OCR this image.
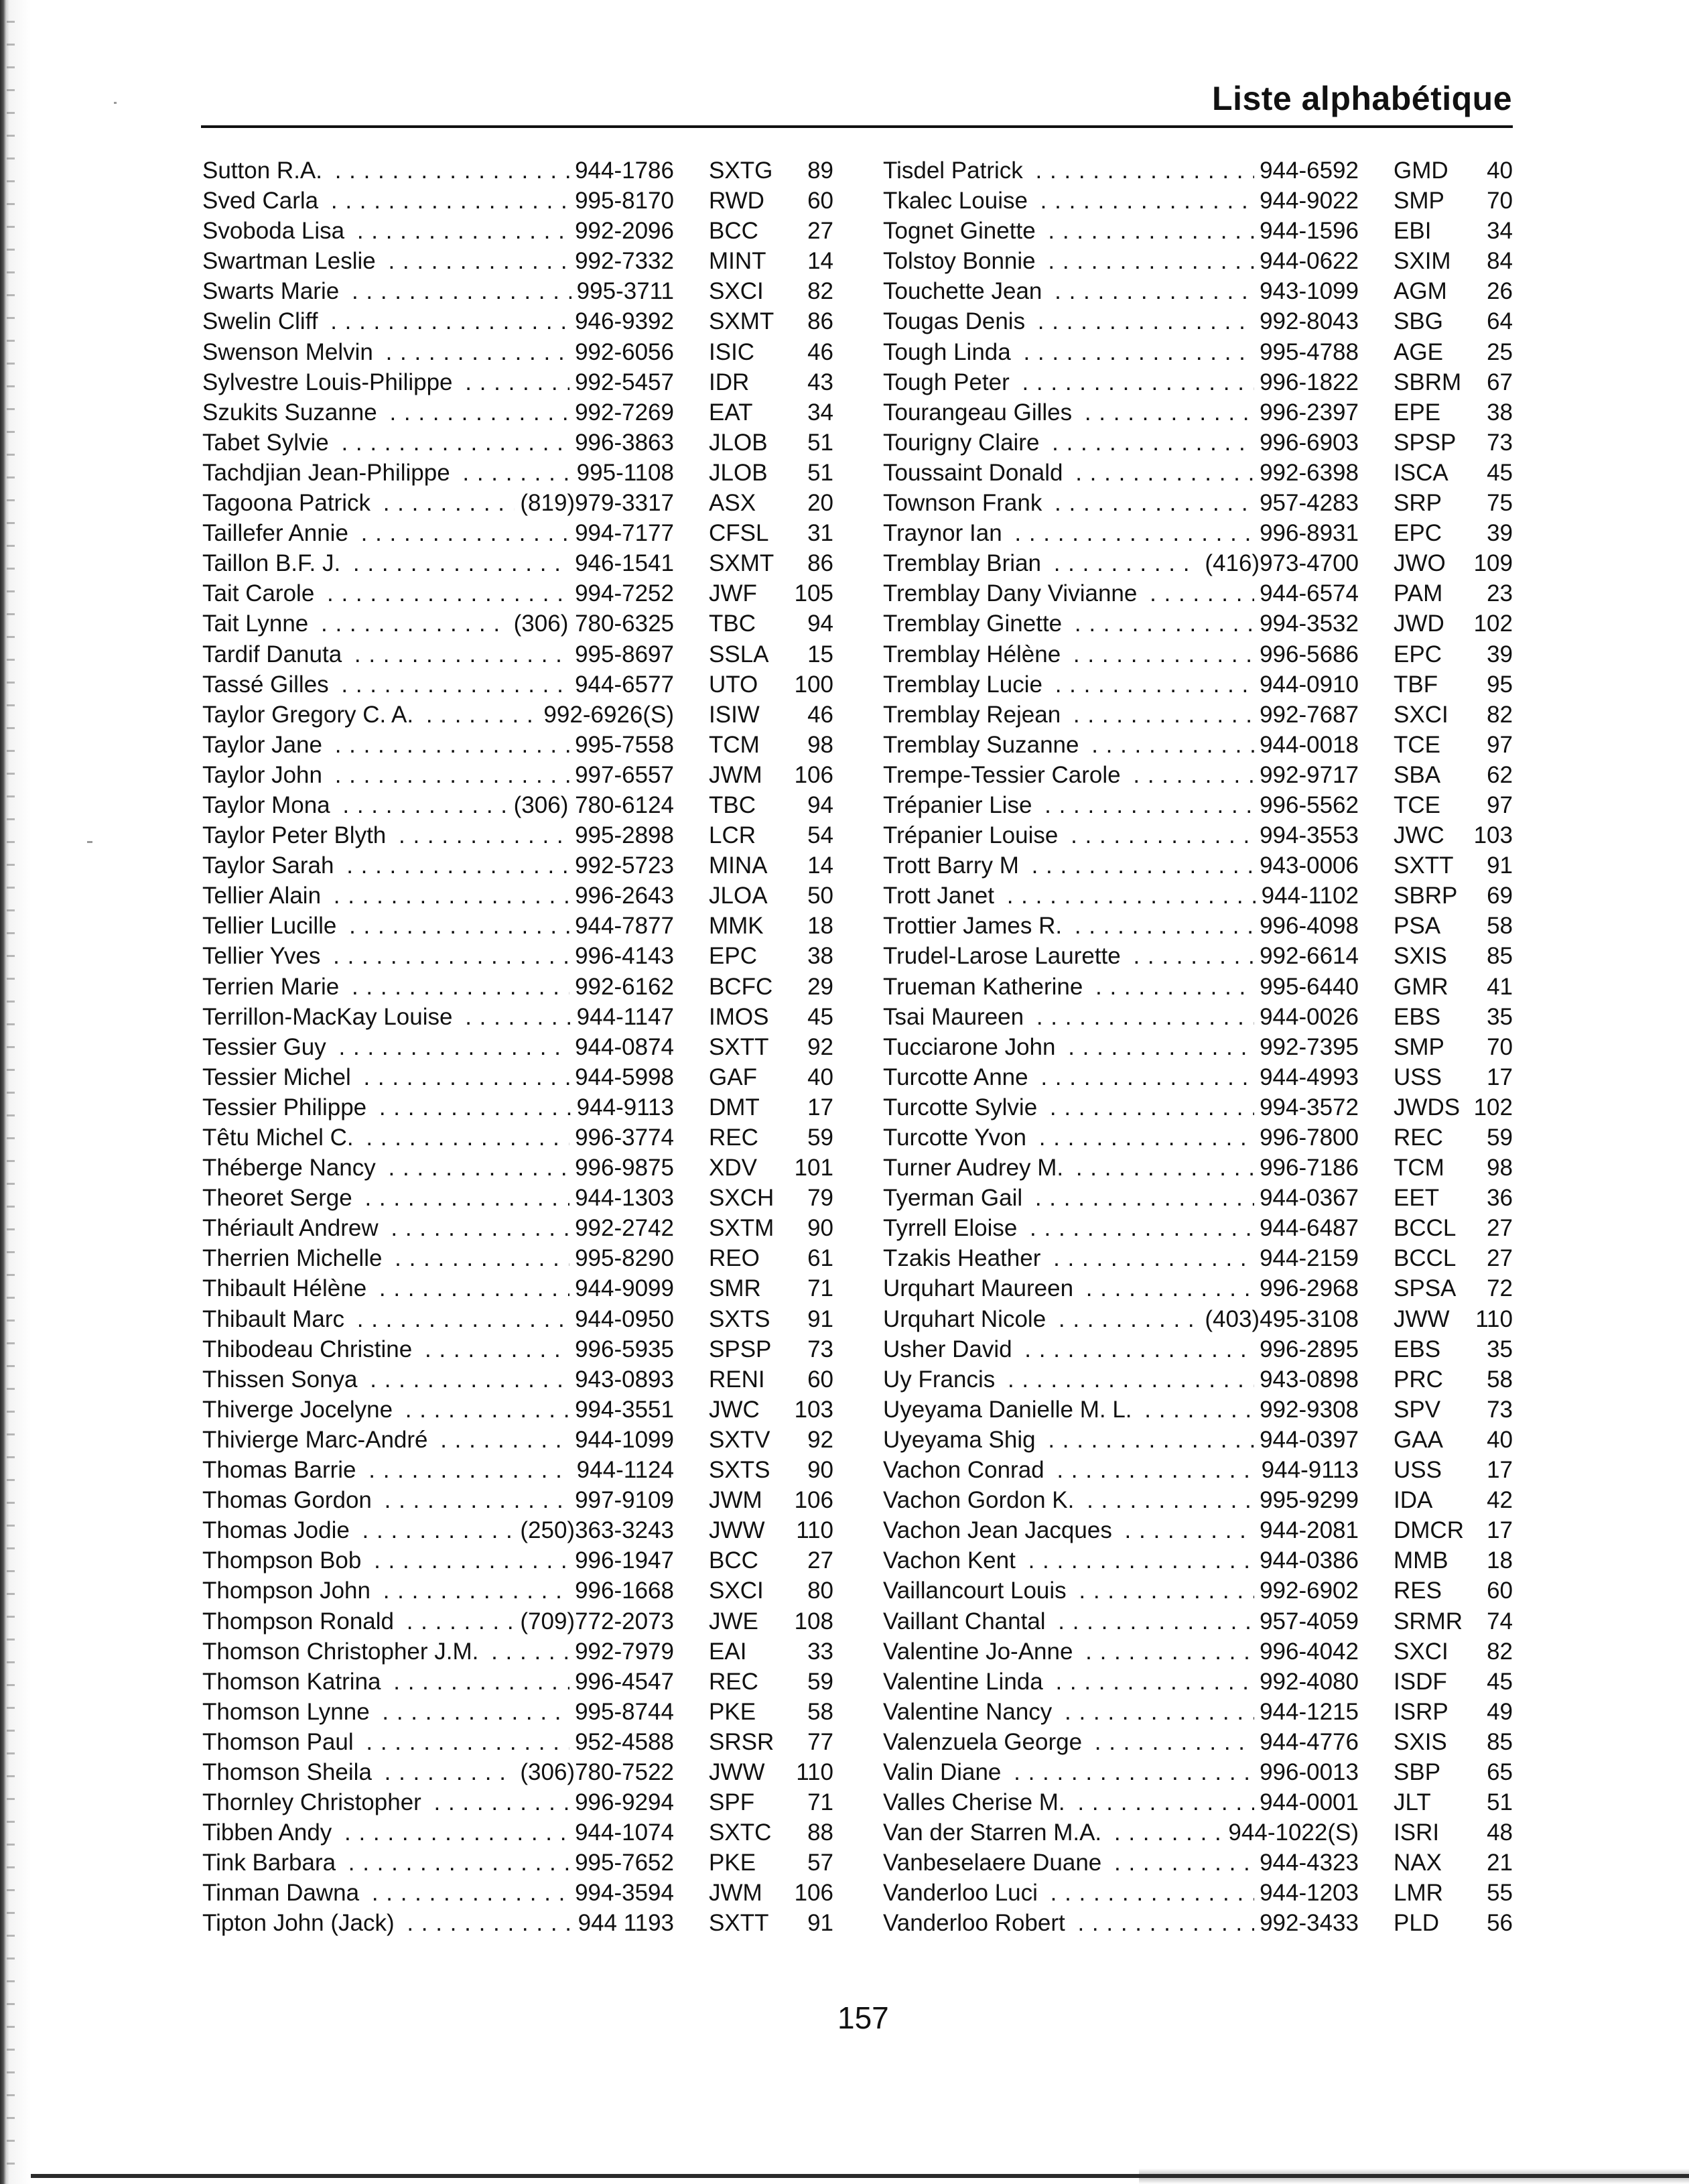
Liste alphabétique
Sutton R.A. . . .	944-1786 SXTG	89
Sved Carla . . .	995-8170 RWD	60
Svoboda Lisa . . .	992-2096 BCC	27
Swartman Leslie . . .	992-7332 MINT	14
Swarts Marie . . .	995-3711 SXCI	82
Swelin Cliff . . .	946-9392 SXMT	86
Swenson Melvin . . .	992-6056 ISIC	46
Sylvestre Louis-Philippe . . .	992-5457 IDR	43
Szukits Suzanne . . .	992-7269 EAT	34
Tabet Sylvie . . .	996-3863 JLOB	51
Tachdjian Jean-Philippe . . .	995-1108 JLOB	51
Tagoona Patrick . . .	(819)979-3317 ASX	20
Taillefer Annie . . .	994-7177 CFSL	31
Taillon B.F. J. . . .	946-1541 SXMT	86
Tait Carole . . .	994-7252 JWF	105
Tait Lynne . . .	(306) 780-6325 TBC	94
Tardif Danuta . . .	995-8697 SSLA	15
Tassé Gilles . . .	944-6577 UTO	100
Taylor Gregory C. A. . . .	992-6926(S) ISIW	46
Taylor Jane . . .	995-7558 TCM	98
Taylor John . . .	997-6557 JWM	106
Taylor Mona . . .	(306) 780-6124 TBC	94
Taylor Peter Blyth . . .	995-2898 LCR	54
Taylor Sarah . . .	992-5723 MINA	14
Tellier Alain . . .	996-2643 JLOA	50
Tellier Lucille . . .	944-7877 MMK	18
Tellier Yves . . .	996-4143 EPC	38
Terrien Marie . . .	992-6162 BCFC	29
Terrillon-MacKay Louise . . .	944-1147 IMOS	45
Tessier Guy . . .	944-0874 SXTT	92
Tessier Michel . . .	944-5998 GAF	40
Tessier Philippe . . .	944-9113 DMT	17
Têtu Michel C. . . .	996-3774 REC	59
Théberge Nancy . . .	996-9875 XDV	101
Theoret Serge . . .	944-1303 SXCH	79
Thériault Andrew . . .	992-2742 SXTM	90
Therrien Michelle . . .	995-8290 REO	61
Thibault Hélène . . .	944-9099 SMR	71
Thibault Marc . . .	944-0950 SXTS	91
Thibodeau Christine . . .	996-5935 SPSP	73
Thissen Sonya . . .	943-0893 RENI	60
Thiverge Jocelyne . . .	994-3551 JWC	103
Thivierge Marc-André . . .	944-1099 SXTV	92
Thomas Barrie . . .	944-1124 SXTS	90
Thomas Gordon . . .	997-9109 JWM	106
Thomas Jodie . . .	(250)363-3243 JWW	110
Thompson Bob . . .	996-1947 BCC	27
Thompson John . . .	996-1668 SXCI	80
Thompson Ronald . . .	(709)772-2073 JWE	108
Thomson Christopher J.M. . . .	992-7979 EAI	33
Thomson Katrina . . .	996-4547 REC	59
Thomson Lynne . . .	995-8744 PKE	58
Thomson Paul . . .	952-4588 SRSR	77
Thomson Sheila . . .	(306)780-7522 JWW	110
Thornley Christopher . . .	996-9294 SPF	71
Tibben Andy . . .	944-1074 SXTC	88
Tink Barbara . . .	995-7652 PKE	57
Tinman Dawna . . .	994-3594 JWM	106
Tipton John (Jack) . . .	944 1193 SXTT	91
Tisdel Patrick . . .	944-6592 GMD	40
Tkalec Louise . . .	944-9022 SMP	70
Tognet Ginette . . .	944-1596 EBI	34
Tolstoy Bonnie . . .	944-0622 SXIM	84
Touchette Jean . . .	943-1099 AGM	26
Tougas Denis . . .	992-8043 SBG	64
Tough Linda . . .	995-4788 AGE	25
Tough Peter . . .	996-1822 SBRM	67
Tourangeau Gilles . . .	996-2397 EPE	38
Tourigny Claire . . .	996-6903 SPSP	73
Toussaint Donald . . .	992-6398 ISCA	45
Townson Frank . . .	957-4283 SRP	75
Traynor Ian . . .	996-8931 EPC	39
Tremblay Brian . . .	(416)973-4700 JWO	109
Tremblay Dany Vivianne . . .	944-6574 PAM	23
Tremblay Ginette . . .	994-3532 JWD	102
Tremblay Hélène . . .	996-5686 EPC	39
Tremblay Lucie . . .	944-0910 TBF	95
Tremblay Rejean . . .	992-7687 SXCI	82
Tremblay Suzanne . . .	944-0018 TCE	97
Trempe-Tessier Carole . . .	992-9717 SBA	62
Trépanier Lise . . .	996-5562 TCE	97
Trépanier Louise . . .	994-3553 JWC	103
Trott Barry M . . .	943-0006 SXTT	91
Trott Janet . . .	944-1102 SBRP	69
Trottier James R. . . .	996-4098 PSA	58
Trudel-Larose Laurette . . .	992-6614 SXIS	85
Trueman Katherine . . .	995-6440 GMR	41
Tsai Maureen . . .	944-0026 EBS	35
Tucciarone John . . .	992-7395 SMP	70
Turcotte Anne . . .	944-4993 USS	17
Turcotte Sylvie . . .	994-3572 JWDS 102
Turcotte Yvon . . .	996-7800 REC	59
Turner Audrey M. . . .	996-7186 TCM	98
Tyerman Gail . . .	944-0367 EET	36
Tyrrell Eloise . . .	944-6487 BCCL	27
Tzakis Heather . . .	944-2159 BCCL	27
Urquhart Maureen . . .	996-2968 SPSA	72
Urquhart Nicole . . .	(403)495-3108 JWW	110
Usher David . . .	996-2895 EBS	35
Uy Francis . . .	943-0898 PRC	58
Uyeyama Danielle M. L. . . .	992-9308 SPV	73
Uyeyama Shig . . .	944-0397 GAA	40
Vachon Conrad . . .	944-9113 USS	17
Vachon Gordon K. . . .	995-9299 IDA	42
Vachon Jean Jacques . . .	944-2081 DMCR 17
Vachon Kent . . .	944-0386 MMB	18
Vaillancourt Louis . . .	992-6902 RES	60
Vaillant Chantal . . .	957-4059 SRMR	74
Valentine Jo-Anne . . .	996-4042 SXCI	82
Valentine Linda . . .	992-4080 ISDF	45
Valentine Nancy . . .	944-1215 ISRP	49
Valenzuela George . . .	944-4776 SXIS	85
Valin Diane . . .	996-0013 SBP	65
Valles Cherise M. . . .	944-0001 JLT	51
Van der Starren M.A. . . .	944-1022(S) ISRI	48
Vanbeselaere Duane . . .	944-4323 NAX	21
Vanderloo Luci . . .	944-1203 LMR	55
Vanderloo Robert . . .	992-3433 PLD	56
157
